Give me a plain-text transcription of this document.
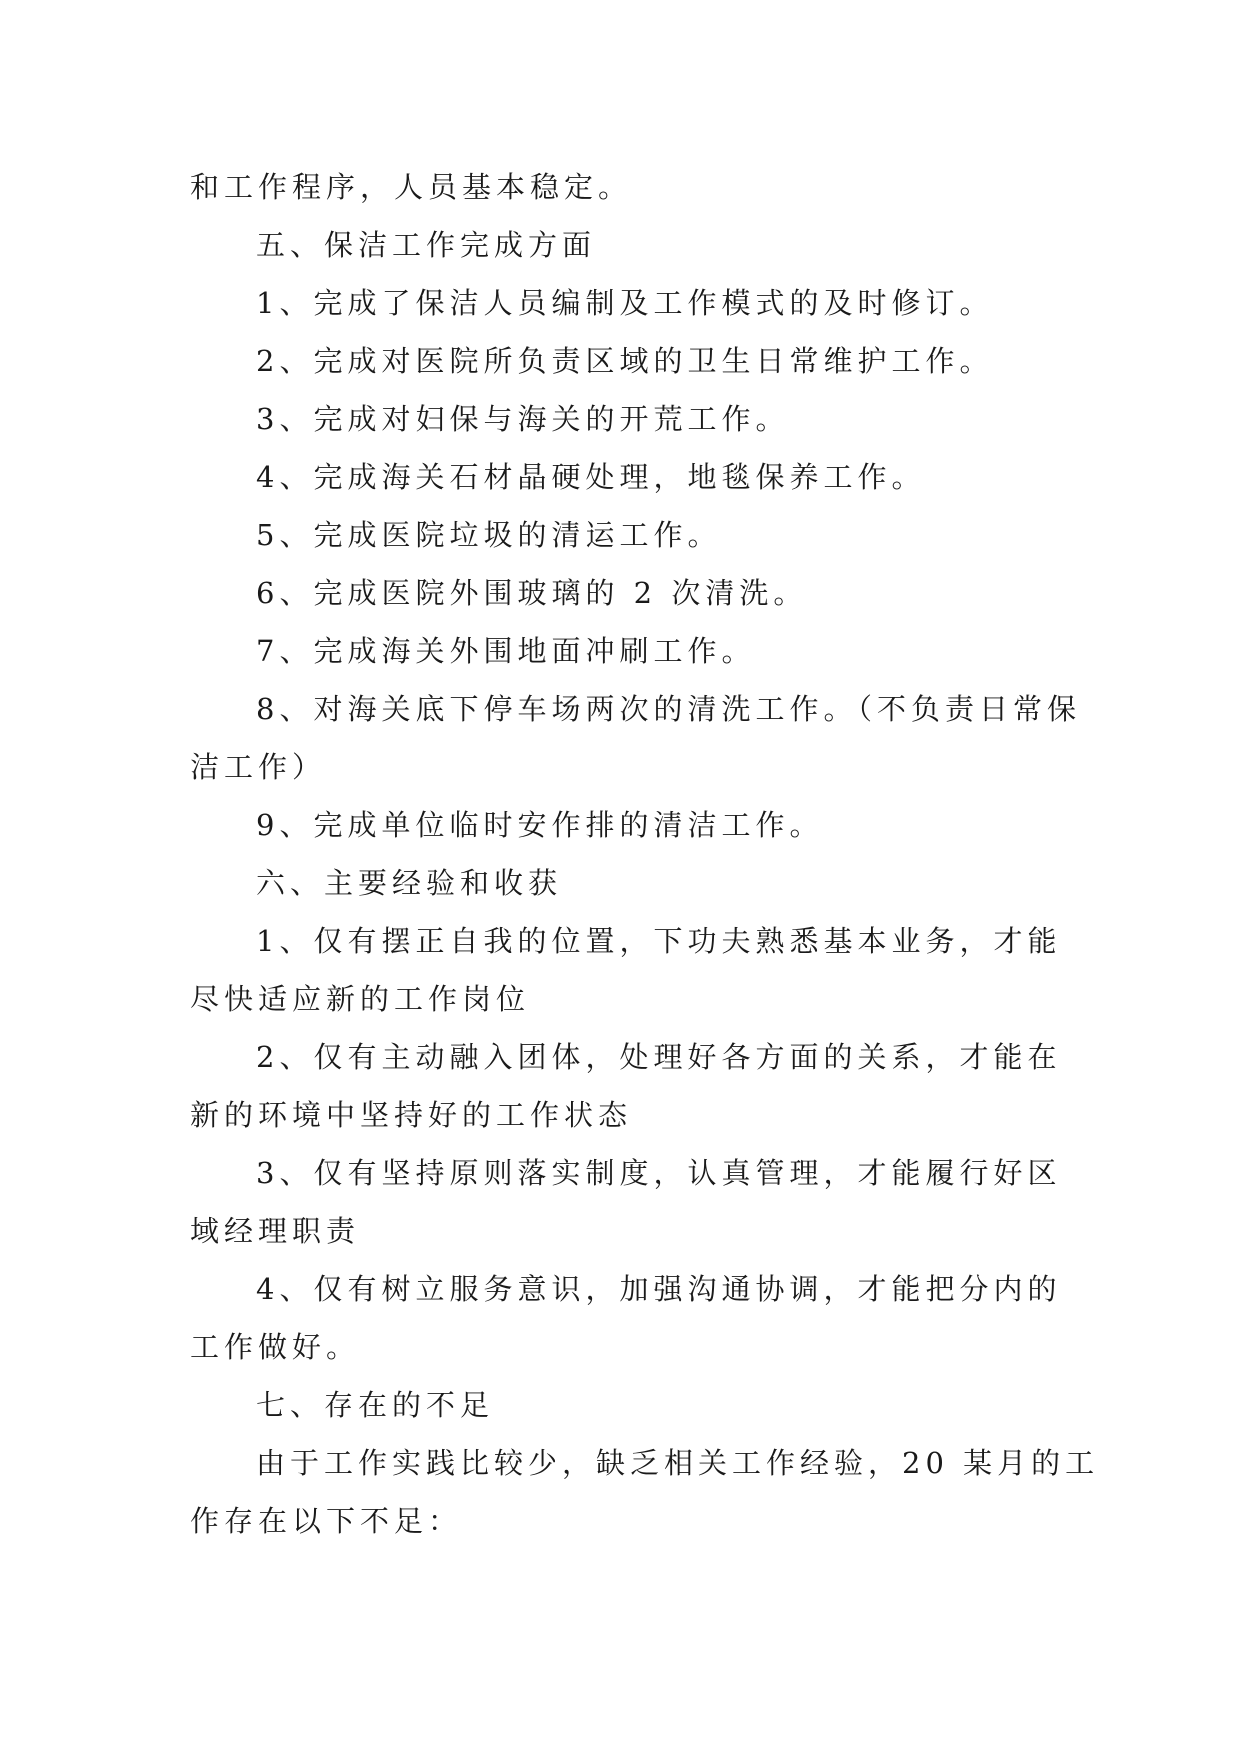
和工作程序，人员基本稳定。

五、保洁工作完成方面

1、完成了保洁人员编制及工作模式的及时修订。

2、完成对医院所负责区域的卫生日常维护工作。

3、完成对妇保与海关的开荒工作。

4、完成海关石材晶硬处理，地毯保养工作。

5、完成医院垃圾的清运工作。

6、完成医院外围玻璃的 2 次清洗。

7、完成海关外围地面冲刷工作。

8、对海关底下停车场两次的清洗工作。（不负责日常保

洁工作）

9、完成单位临时安作排的清洁工作。

六、主要经验和收获

1、仅有摆正自我的位置，下功夫熟悉基本业务，才能

尽快适应新的工作岗位

2、仅有主动融入团体，处理好各方面的关系，才能在

新的环境中坚持好的工作状态

3、仅有坚持原则落实制度，认真管理，才能履行好区

域经理职责

4、仅有树立服务意识，加强沟通协调，才能把分内的

工作做好。

七、存在的不足

由于工作实践比较少，缺乏相关工作经验，20 某月的工

作存在以下不足：
